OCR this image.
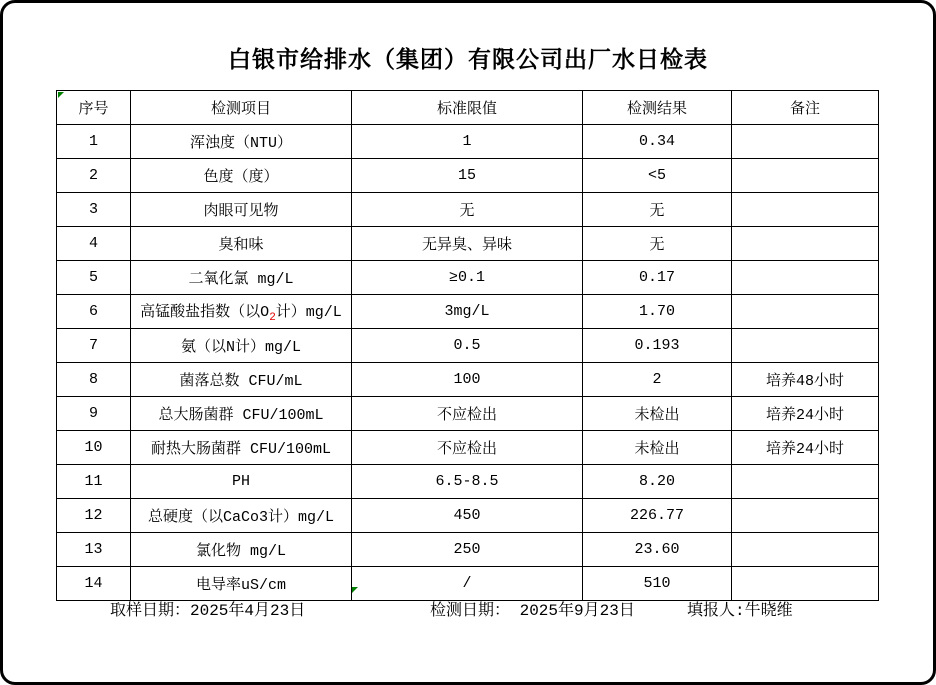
白银市给排水（集团）有限公司出厂水日检表
序号	检测项目	标准限值	检测结果	备注
1	浑浊度（NTU）	1	0.34	
2	色度（度）	15	<5	
3	肉眼可见物	无	无	
4	臭和味	无异臭、异味	无	
5	二氧化氯 mg/L	≥0.1	0.17	
6	高锰酸盐指数（以$O_2$计）mg/L	3mg/L	1.70	
7	氨（以N计）mg/L	0.5	0.193	
8	菌落总数 CFU/mL	100	2	培养48小时
9	总大肠菌群 CFU/100mL	不应检出	未检出	培养24小时
10	耐热大肠菌群 CFU/100mL	不应检出	未检出	培养24小时
11	PH	6.5-8.5	8.20	
12	总硬度（以CaCo3计）mg/L	450	226.77	
13	氯化物 mg/L	250	23.60	
14	电导率uS/cm	/	510	
取样日期：2025年4月23日	检测日期： 2025年9月23日	填报人:牛晓维
